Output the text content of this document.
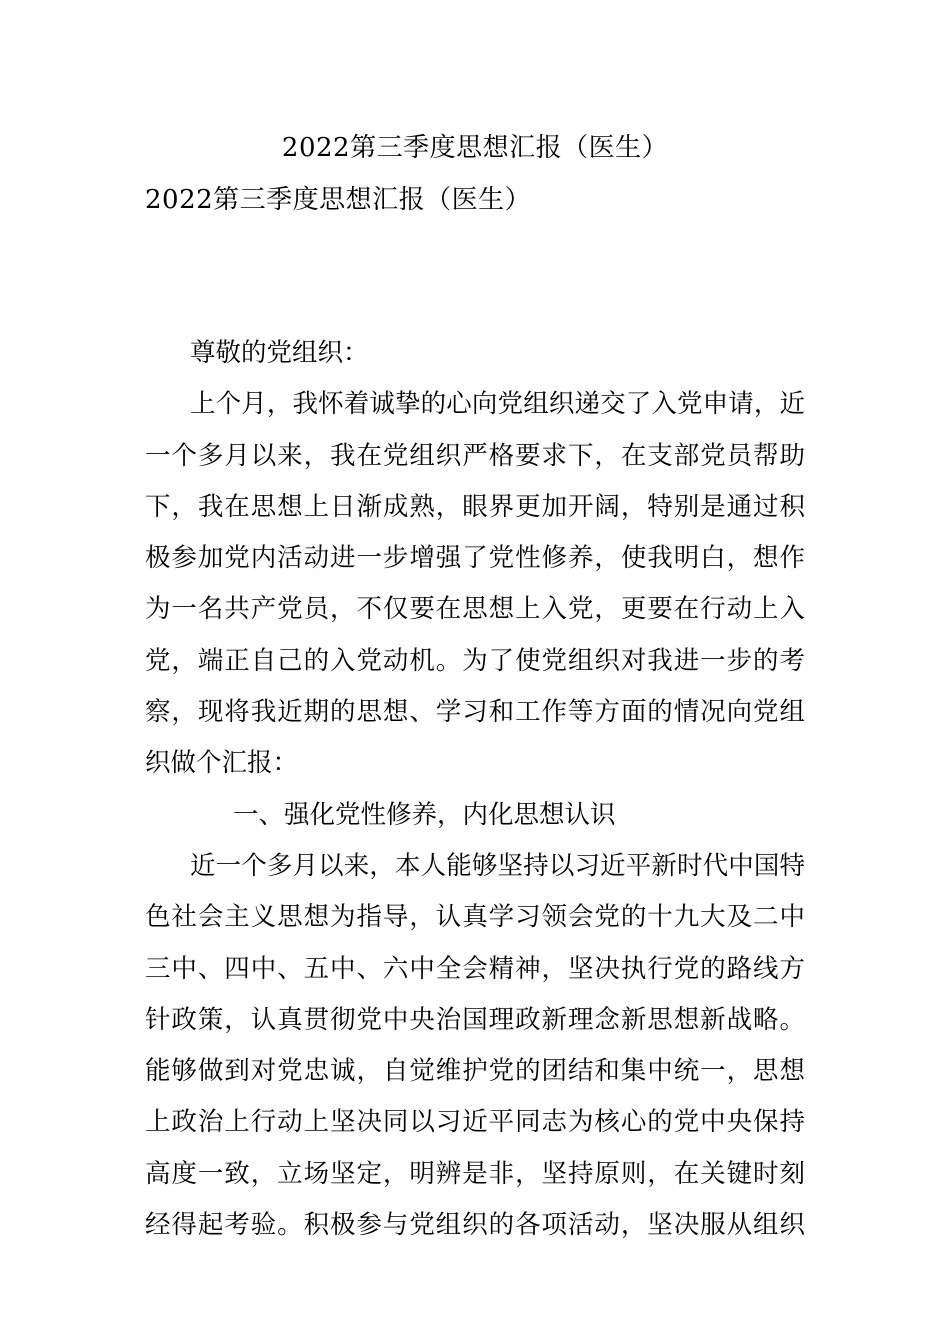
2022第三季度思想汇报（医生）
2022第三季度思想汇报（医生）
尊敬的党组织：
上个月，我怀着诚挚的心向党组织递交了入党申请，近
一个多月以来，我在党组织严格要求下，在支部党员帮助
下，我在思想上日渐成熟，眼界更加开阔，特别是通过积
极参加党内活动进一步增强了党性修养，使我明白，想作
为一名共产党员，不仅要在思想上入党，更要在行动上入
党，端正自己的入党动机。为了使党组织对我进一步的考
察，现将我近期的思想、学习和工作等方面的情况向党组
织做个汇报：
一、强化党性修养，内化思想认识
近一个多月以来，本人能够坚持以习近平新时代中国特
色社会主义思想为指导，认真学习领会党的十九大及二中
三中、四中、五中、六中全会精神，坚决执行党的路线方
针政策，认真贯彻党中央治国理政新理念新思想新战略。
能够做到对党忠诚，自觉维护党的团结和集中统一，思想
上政治上行动上坚决同以习近平同志为核心的党中央保持
高度一致，立场坚定，明辨是非，坚持原则，在关键时刻
经得起考验。积极参与党组织的各项活动，坚决服从组织
